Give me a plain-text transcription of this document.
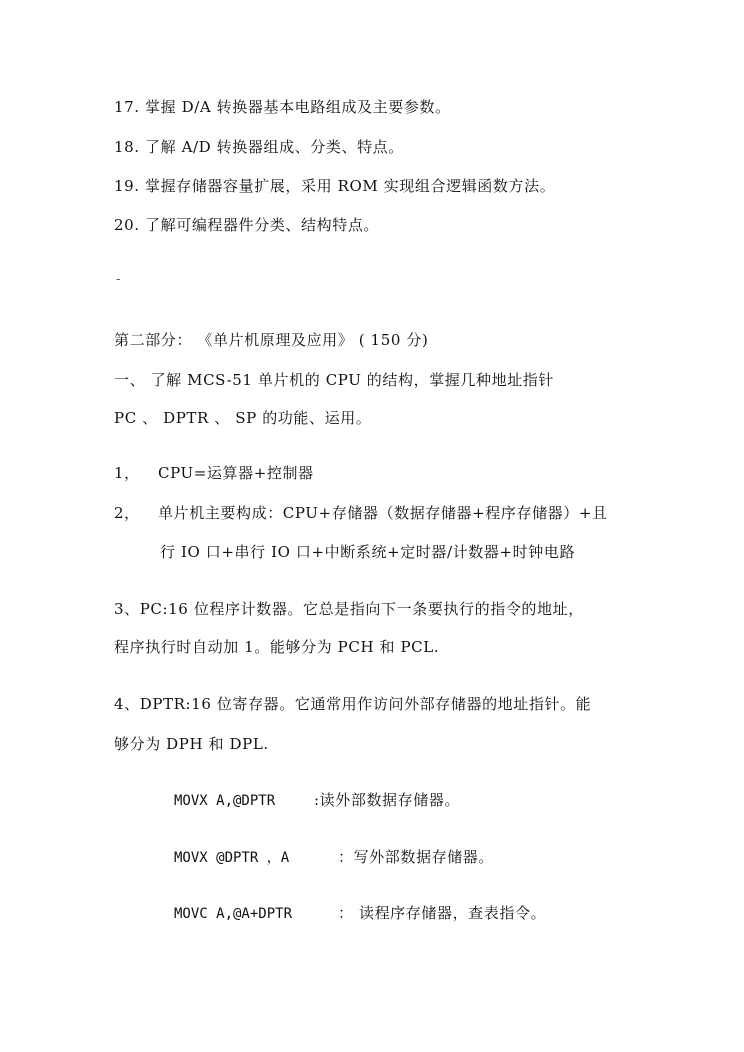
17. 掌握 D/A 转换器基本电路组成及主要参数。
18. 了解 A/D 转换器组成、分类、特点。
19. 掌握存储器容量扩展，采用 ROM 实现组合逻辑函数方法。
20. 了解可编程器件分类、结构特点。
-
第二部分： 《单片机原理及应用》 ( 150 分)
一、 了解 MCS-51 单片机的 CPU 的结构，掌握几种地址指针
PC 、 DPTR 、 SP 的功能、运用。
1， CPU=运算器+控制器
2， 单片机主要构成：CPU+存储器（数据存储器+程序存储器）+且
行 IO 口+串行 IO 口+中断系统+定时器/计数器+时钟电路
3、PC:16 位程序计数器。它总是指向下一条要执行的指令的地址，
程序执行时自动加 1。能够分为 PCH 和 PCL.
4、DPTR:16 位寄存器。它通常用作访问外部存储器的地址指针。能
够分为 DPH 和 DPL.
MOVX A,@DPTR	:读外部数据存储器。
MOVX @DPTR ，A	：写外部数据存储器。
MOVC A,@A+DPTR	： 读程序存储器，查表指令。
